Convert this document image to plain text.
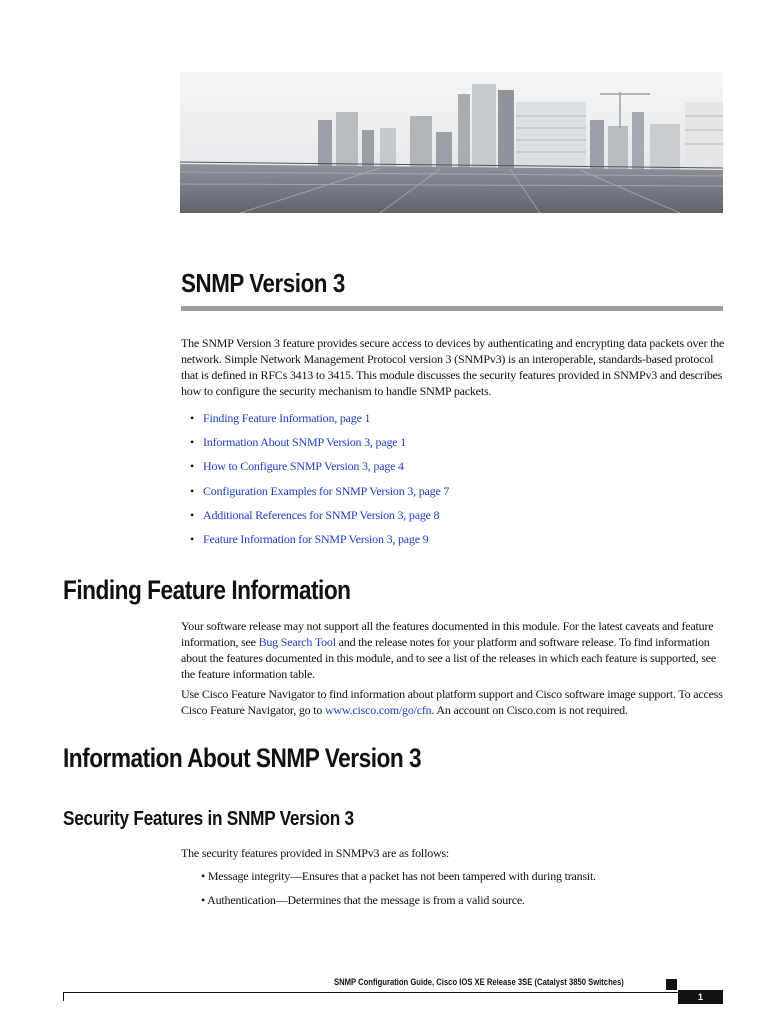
SNMP Version 3

The SNMP Version 3 feature provides secure access to devices by authenticating and encrypting data packets over the network. Simple Network Management Protocol version 3 (SNMPv3) is an interoperable, standards-based protocol that is defined in RFCs 3413 to 3415. This module discusses the security features provided in SNMPv3 and describes how to configure the security mechanism to handle SNMP packets.

• Finding Feature Information, page 1
• Information About SNMP Version 3, page 1
• How to Configure SNMP Version 3, page 4
• Configuration Examples for SNMP Version 3, page 7
• Additional References for SNMP Version 3, page 8
• Feature Information for SNMP Version 3, page 9
Finding Feature Information

Your software release may not support all the features documented in this module. For the latest caveats and feature information, see Bug Search Tool and the release notes for your platform and software release. To find information about the features documented in this module, and to see a list of the releases in which each feature is supported, see the feature information table.

Use Cisco Feature Navigator to find information about platform support and Cisco software image support. To access Cisco Feature Navigator, go to www.cisco.com/go/cfn. An account on Cisco.com is not required.

Information About SNMP Version 3
Security Features in SNMP Version 3

The security features provided in SNMPv3 are as follows:

• Message integrity—Ensures that a packet has not been tampered with during transit.
• Authentication—Determines that the message is from a valid source.
SNMP Configuration Guide, Cisco IOS XE Release 3SE (Catalyst 3850 Switches)
1
